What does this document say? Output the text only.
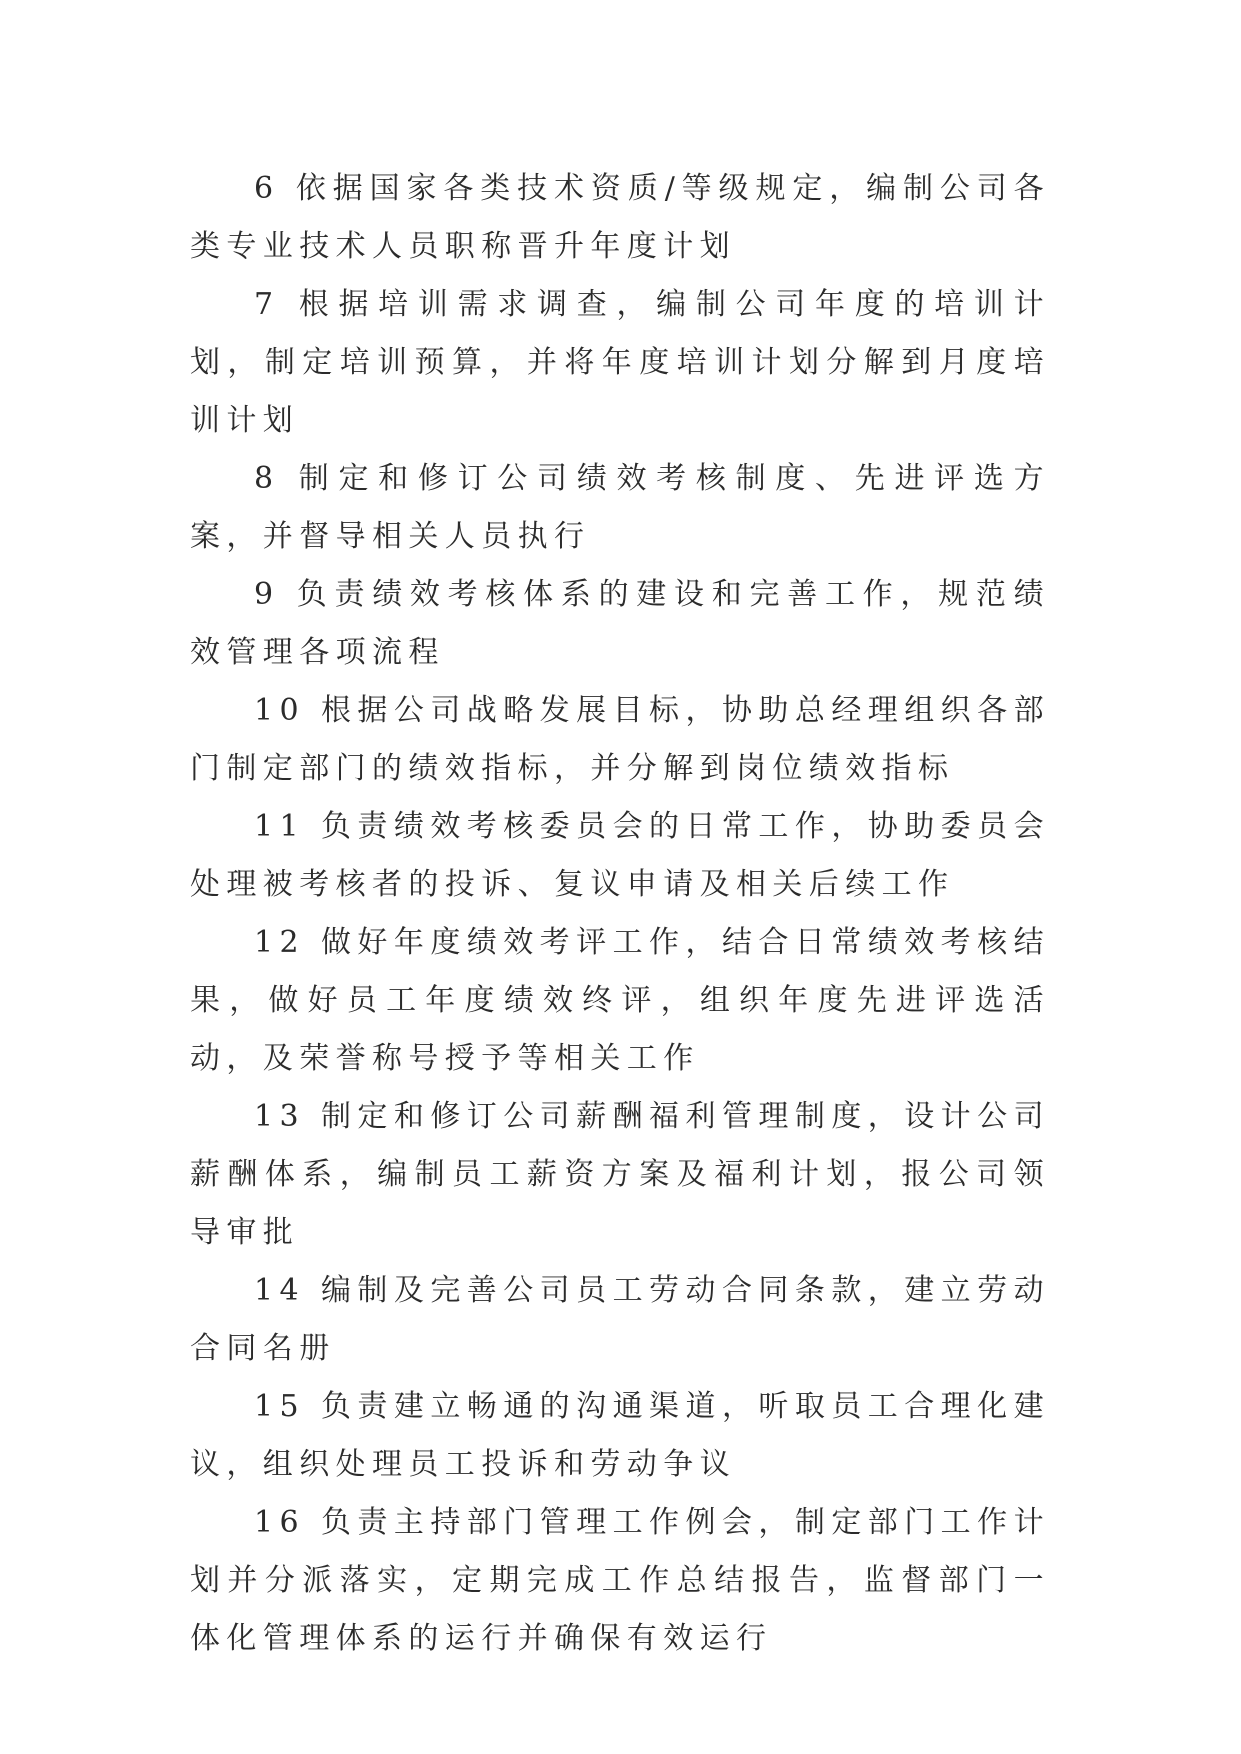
6 依据国家各类技术资质/等级规定，编制公司各类专业技术人员职称晋升年度计划

7 根据培训需求调查，编制公司年度的培训计划，制定培训预算，并将年度培训计划分解到月度培训计划

8 制定和修订公司绩效考核制度、先进评选方案，并督导相关人员执行

9 负责绩效考核体系的建设和完善工作，规范绩效管理各项流程

10 根据公司战略发展目标，协助总经理组织各部门制定部门的绩效指标，并分解到岗位绩效指标

11 负责绩效考核委员会的日常工作，协助委员会处理被考核者的投诉、复议申请及相关后续工作

12 做好年度绩效考评工作，结合日常绩效考核结果，做好员工年度绩效终评，组织年度先进评选活动，及荣誉称号授予等相关工作

13 制定和修订公司薪酬福利管理制度，设计公司薪酬体系，编制员工薪资方案及福利计划，报公司领导审批

14 编制及完善公司员工劳动合同条款，建立劳动合同名册

15 负责建立畅通的沟通渠道，听取员工合理化建议，组织处理员工投诉和劳动争议

16 负责主持部门管理工作例会，制定部门工作计划并分派落实，定期完成工作总结报告，监督部门一体化管理体系的运行并确保有效运行
